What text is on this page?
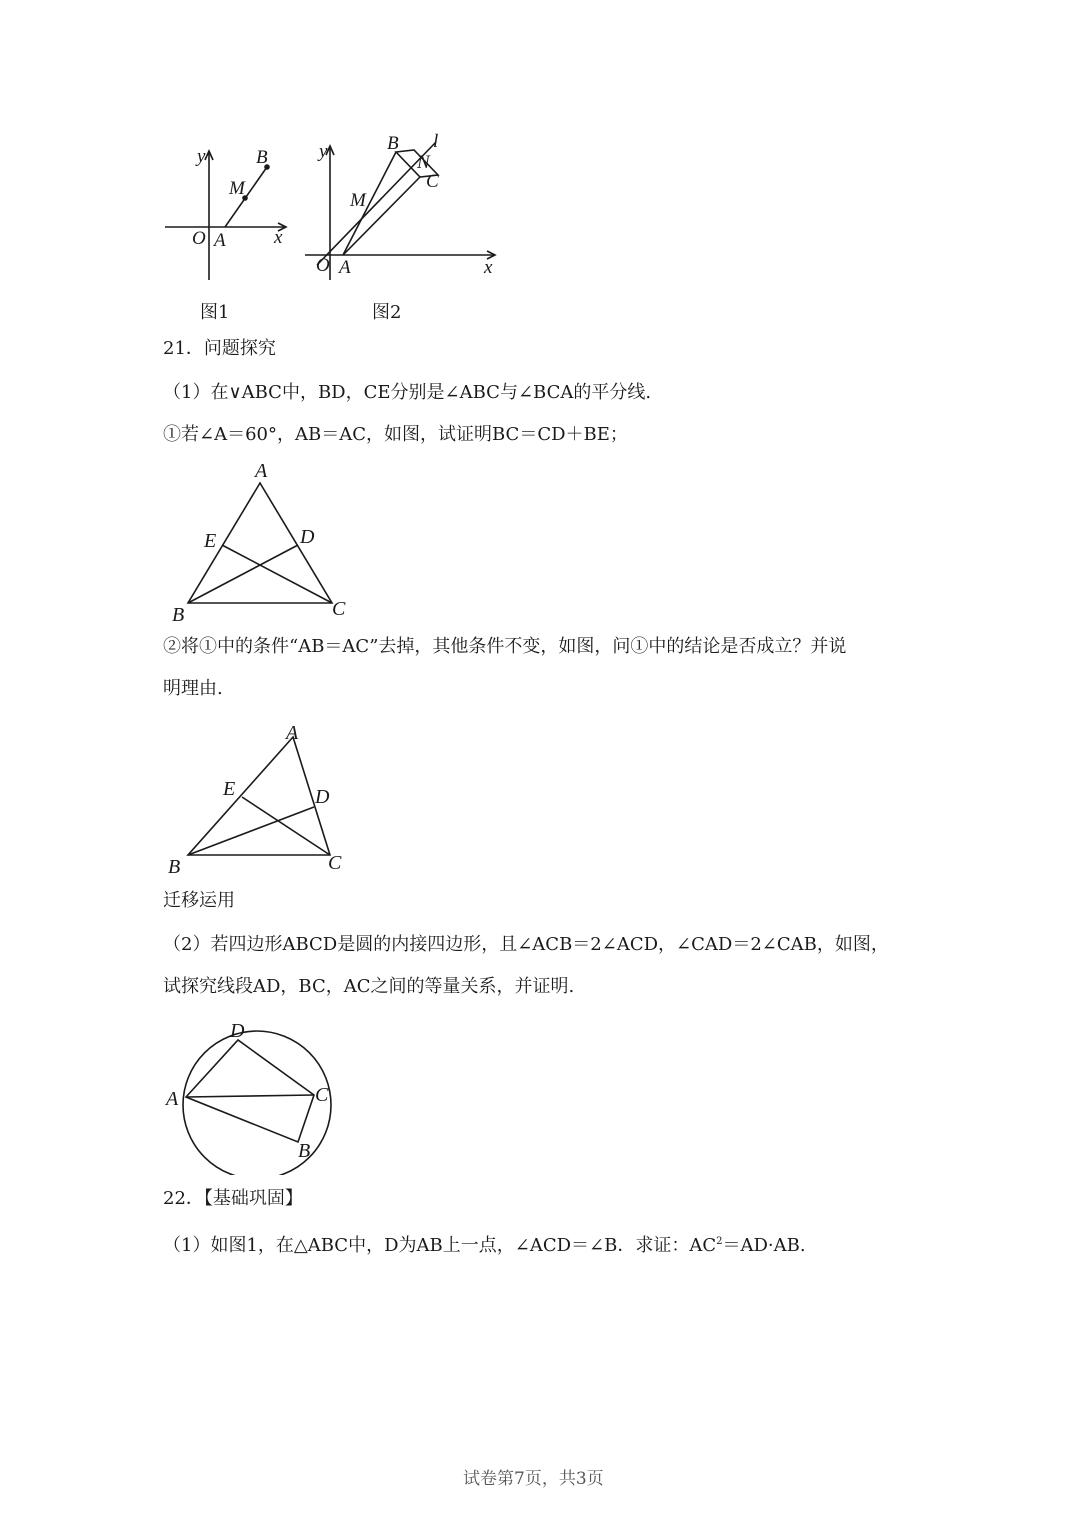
y	B
M
O A	x
图1
y	B l
N
C
M
O A	x
图2
21．问题探究
（1）在∨ABC中，BD，CE分别是∠ABC与∠BCA的平分线.
①若∠A＝60°，AB＝AC，如图，试证明BC＝CD＋BE；
A
E	D
B	C
②将①中的条件“AB＝AC”去掉，其他条件不变，如图，问①中的结论是否成立？并说
明理由.
A
E	D
B	C
迁移运用
（2）若四边形ABCD是圆的内接四边形，且∠ACB＝2∠ACD，∠CAD＝2∠CAB，如图，
试探究线段AD，BC，AC之间的等量关系，并证明.
D
A	C
B
22．【基础巩固】
（1）如图1，在△ABC中，D为AB上一点，∠ACD＝∠B．求证：$AC^2=AD\cdot AB$.
试卷第7页，共3页
